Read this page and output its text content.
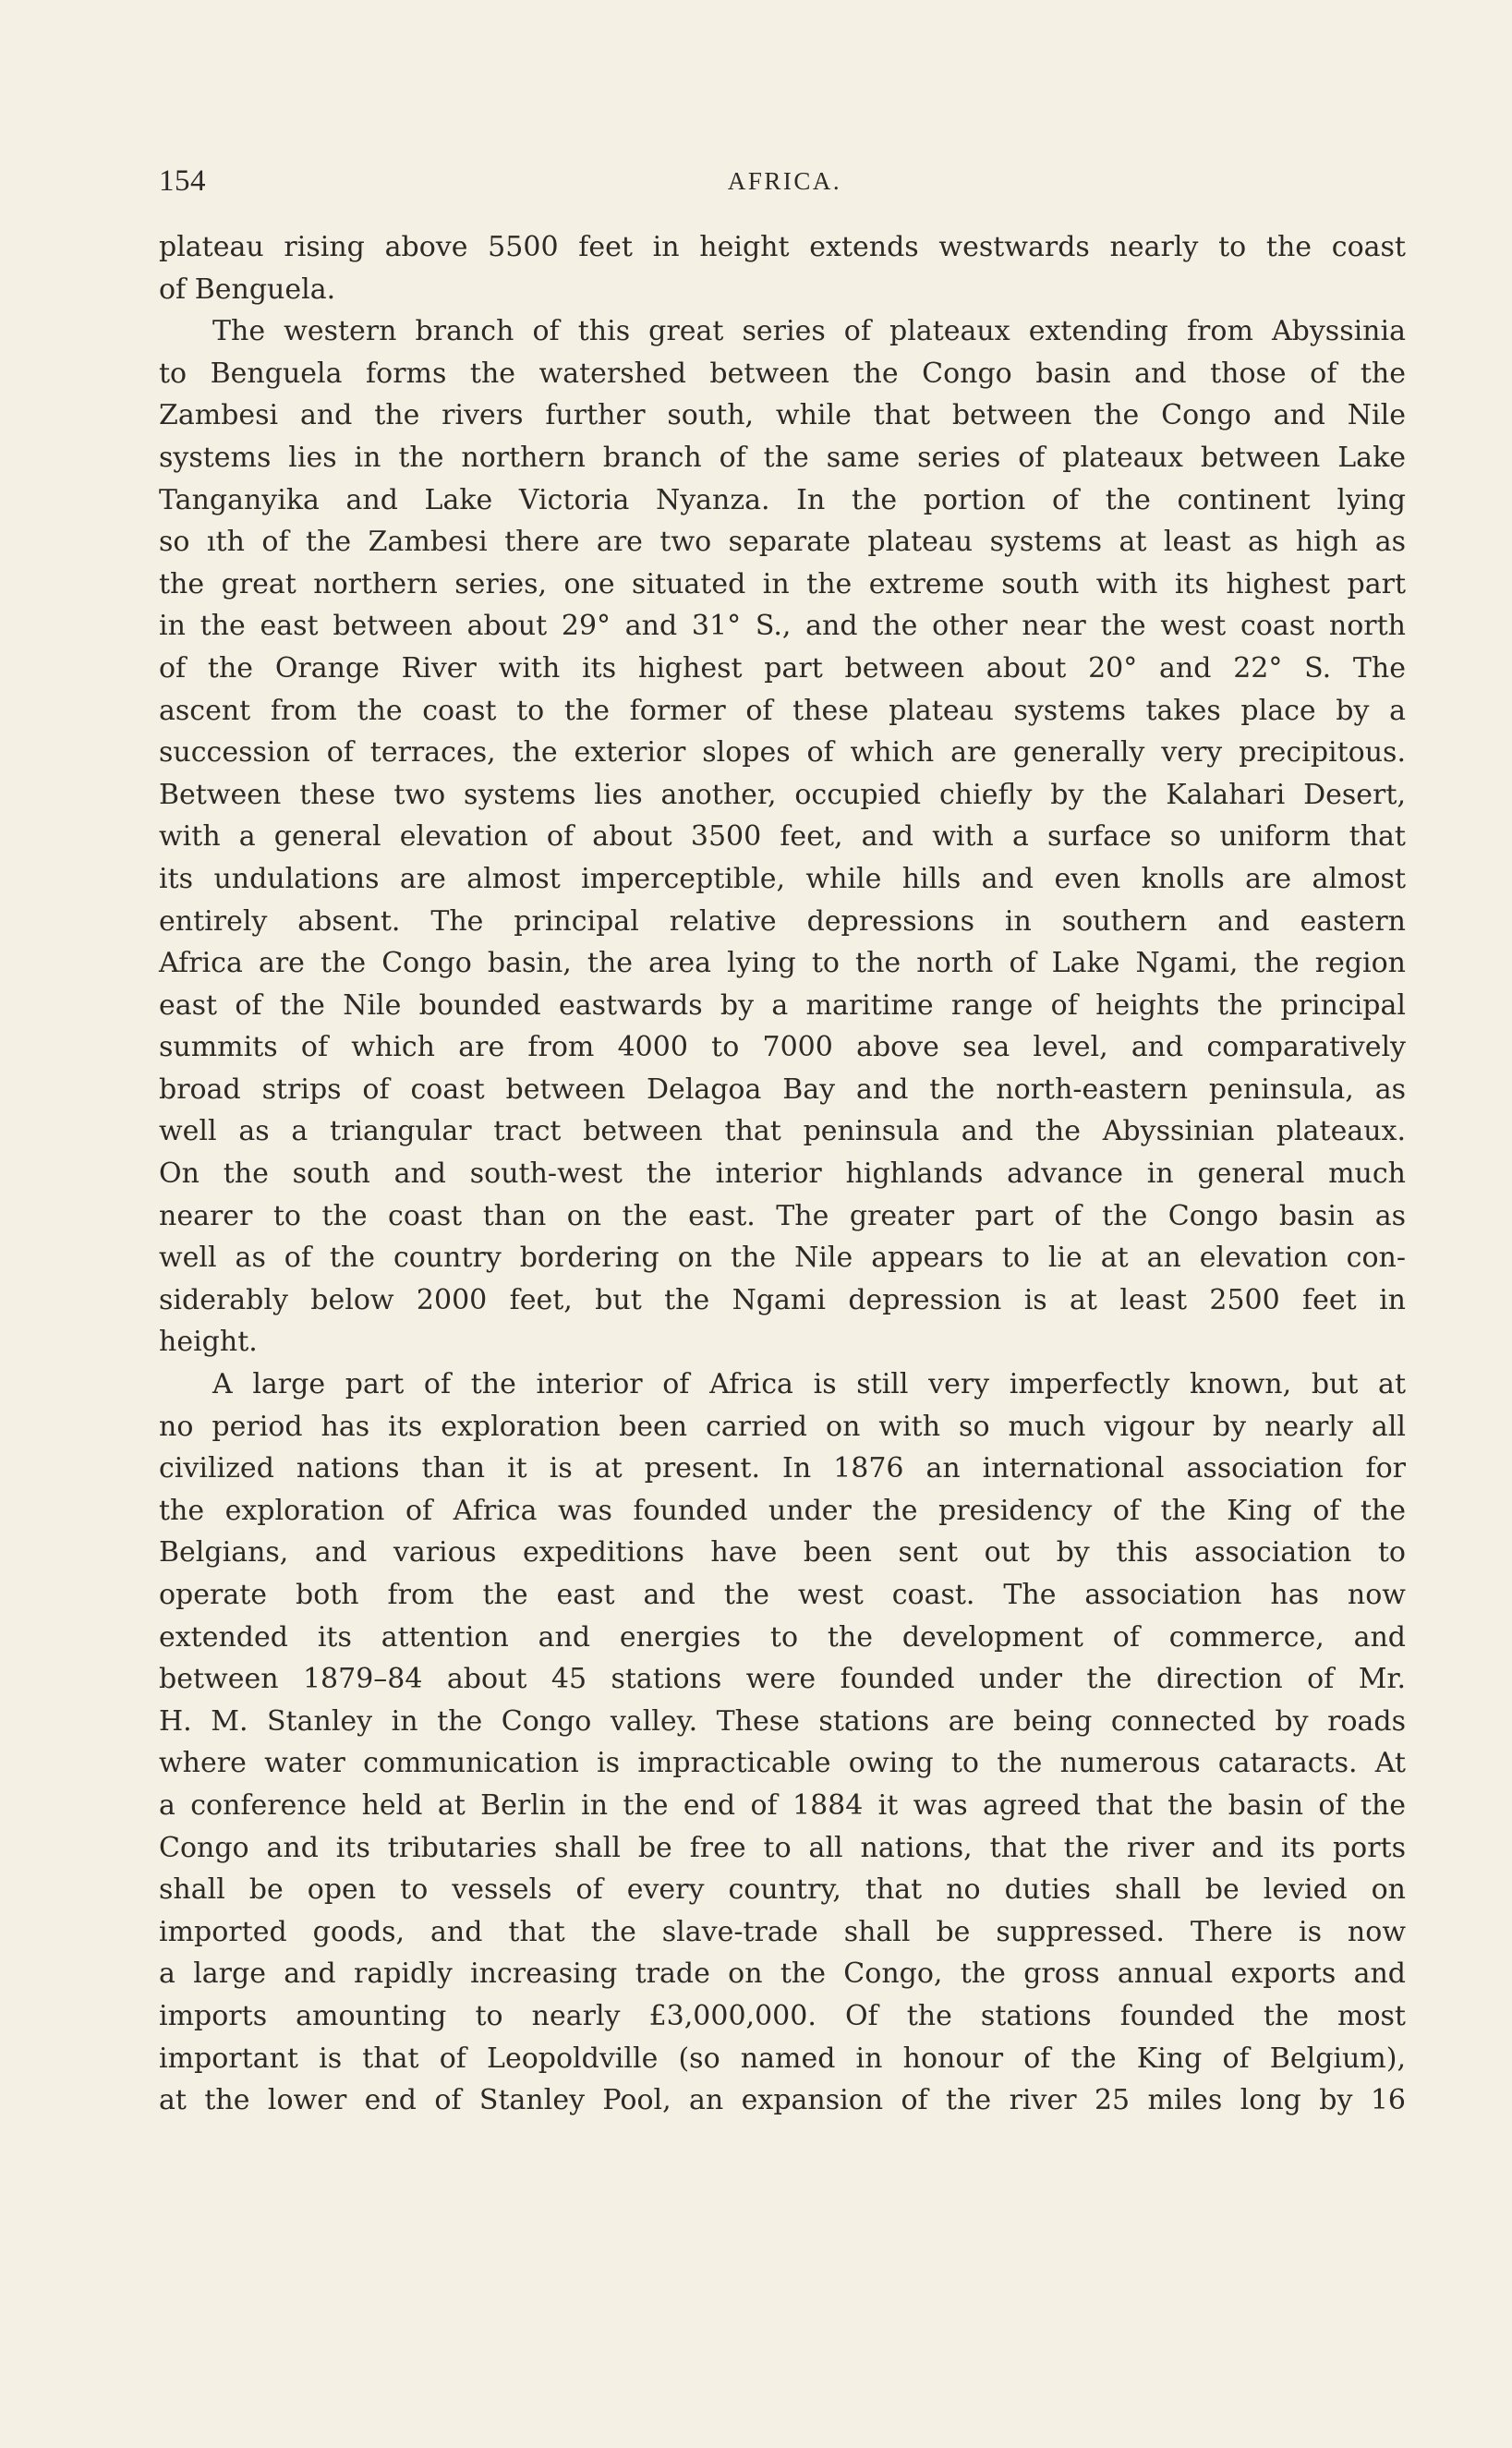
154	AFRICA.
plateau rising above 5500 feet in height extends westwards nearly to the coast
of Benguela.
The western branch of this great series of plateaux extending from Abyssinia
to Benguela forms the watershed between the Congo basin and those of the
Zambesi and the rivers further south, while that between the Congo and Nile
systems lies in the northern branch of the same series of plateaux between Lake
Tanganyika and Lake Victoria Nyanza. In the portion of the continent lying
so ıth of the Zambesi there are two separate plateau systems at least as high as
the great northern series, one situated in the extreme south with its highest part
in the east between about 29° and 31° S., and the other near the west coast north
of the Orange River with its highest part between about 20° and 22° S. The
ascent from the coast to the former of these plateau systems takes place by a
succession of terraces, the exterior slopes of which are generally very precipitous.
Between these two systems lies another, occupied chiefly by the Kalahari Desert,
with a general elevation of about 3500 feet, and with a surface so uniform that
its undulations are almost imperceptible, while hills and even knolls are almost
entirely absent. The principal relative depressions in southern and eastern
Africa are the Congo basin, the area lying to the north of Lake Ngami, the region
east of the Nile bounded eastwards by a maritime range of heights the principal
summits of which are from 4000 to 7000 above sea level, and comparatively
broad strips of coast between Delagoa Bay and the north-eastern peninsula, as
well as a triangular tract between that peninsula and the Abyssinian plateaux.
On the south and south-west the interior highlands advance in general much
nearer to the coast than on the east. The greater part of the Congo basin as
well as of the country bordering on the Nile appears to lie at an elevation con-
siderably below 2000 feet, but the Ngami depression is at least 2500 feet in
height.
A large part of the interior of Africa is still very imperfectly known, but at
no period has its exploration been carried on with so much vigour by nearly all
civilized nations than it is at present. In 1876 an international association for
the exploration of Africa was founded under the presidency of the King of the
Belgians, and various expeditions have been sent out by this association to
operate both from the east and the west coast. The association has now
extended its attention and energies to the development of commerce, and
between 1879–84 about 45 stations were founded under the direction of Mr.
H. M. Stanley in the Congo valley. These stations are being connected by roads
where water communication is impracticable owing to the numerous cataracts. At
a conference held at Berlin in the end of 1884 it was agreed that the basin of the
Congo and its tributaries shall be free to all nations, that the river and its ports
shall be open to vessels of every country, that no duties shall be levied on
imported goods, and that the slave-trade shall be suppressed. There is now
a large and rapidly increasing trade on the Congo, the gross annual exports and
imports amounting to nearly £3,000,000. Of the stations founded the most
important is that of Leopoldville (so named in honour of the King of Belgium),
at the lower end of Stanley Pool, an expansion of the river 25 miles long by 16
